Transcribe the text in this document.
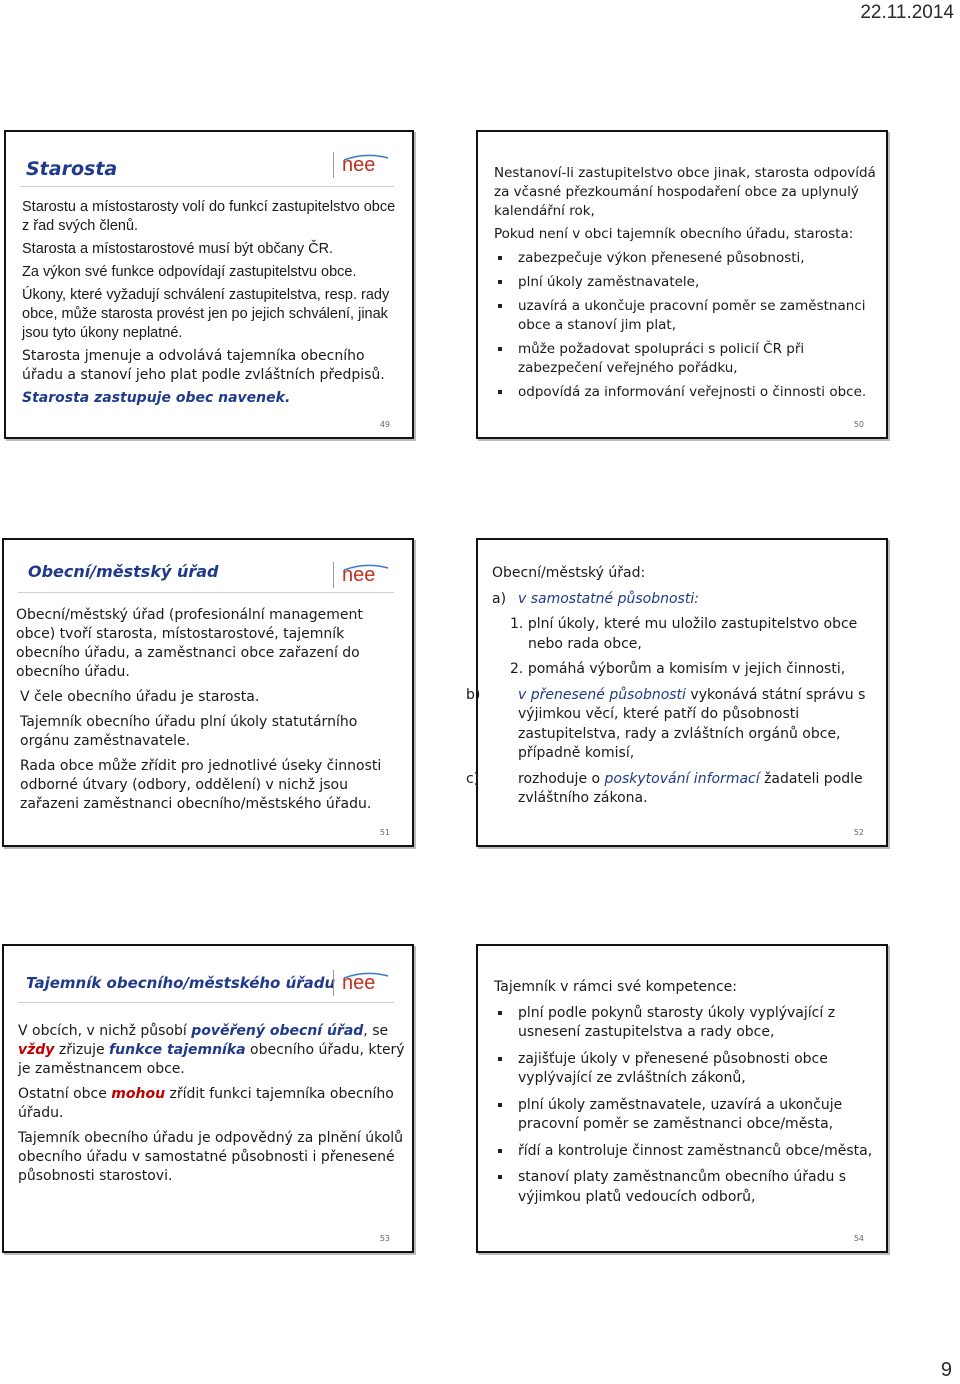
22.11.2014
Starosta	nee

Starostu a místostarosty volí do funkcí zastupitelstvo obce z řad svých členů.

Starosta a místostarostové musí být občany ČR.

Za výkon své funkce odpovídají zastupitelstvu obce.

Úkony, které vyžadují schválení zastupitelstva, resp. rady obce, může starosta provést jen po jejich schválení, jinak jsou tyto úkony neplatné.

Starosta jmenuje a odvolává tajemníka obecního úřadu a stanoví jeho plat podle zvláštních předpisů.

Starosta zastupuje obec navenek.

49

Nestanoví-li zastupitelstvo obce jinak, starosta odpovídá za včasné přezkoumání hospodaření obce za uplynulý kalendářní rok,

Pokud není v obci tajemník obecního úřadu, starosta:

zabezpečuje výkon přenesené působnosti,
plní úkoly zaměstnavatele,
uzavírá a ukončuje pracovní poměr se zaměstnanci obce a stanoví jim plat,
může požadovat spolupráci s policií ČR při zabezpečení veřejného pořádku,
odpovídá za informování veřejnosti o činnosti obce.
50
Obecní/městský úřad	nee

Obecní/městský úřad (profesionální management obce) tvoří starosta, místostarostové, tajemník obecního úřadu, a zaměstnanci obce zařazení do obecního úřadu.

V čele obecního úřadu je starosta.

Tajemník obecního úřadu plní úkoly statutárního orgánu zaměstnavatele.

Rada obce může zřídit pro jednotlivé úseky činnosti odborné útvary (odbory, oddělení) v nichž jsou zařazeni zaměstnanci obecního/městského úřadu.

51

Obecní/městský úřad:

a) v samostatné působnosti:

1. plní úkoly, které mu uložilo zastupitelstvo obce nebo rada obce,

2. pomáhá výborům a komisím v jejich činnosti,

b)	v přenesené působnosti vykonává státní správu s výjimkou věcí, které patří do působnosti zastupitelstva, rady a zvláštních orgánů obce, případně komisí,

c)	rozhoduje o poskytování informací žadateli podle zvláštního zákona.

52
Tajemník obecního/městského úřadu nee

V obcích, v nichž působí pověřený obecní úřad, se vždy zřizuje funkce tajemníka obecního úřadu, který je zaměstnancem obce.

Ostatní obce mohou zřídit funkci tajemníka obecního úřadu.

Tajemník obecního úřadu je odpovědný za plnění úkolů obecního úřadu v samostatné působnosti i přenesené působnosti starostovi.

53

Tajemník v rámci své kompetence:

plní podle pokynů starosty úkoly vyplývající z usnesení zastupitelstva a rady obce,
zajišťuje úkoly v přenesené působnosti obce vyplývající ze zvláštních zákonů,
plní úkoly zaměstnavatele, uzavírá a ukončuje pracovní poměr se zaměstnanci obce/města,
řídí a kontroluje činnost zaměstnanců obce/města,
stanoví platy zaměstnancům obecního úřadu s výjimkou platů vedoucích odborů,
54
9
